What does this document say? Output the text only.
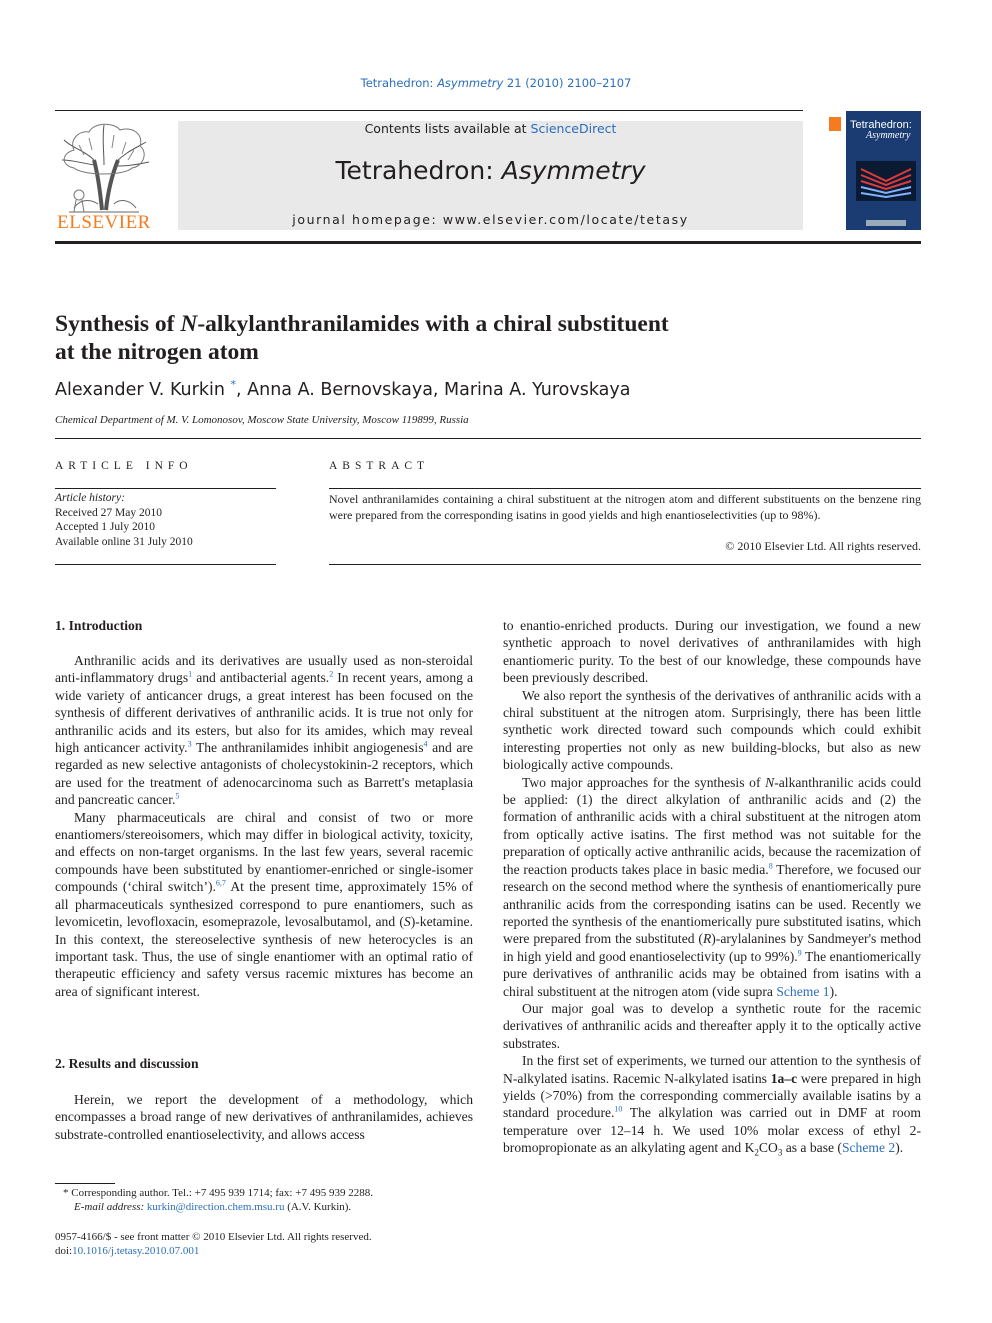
Tetrahedron: Asymmetry 21 (2010) 2100–2107
ELSEVIER
Contents lists available at ScienceDirect
Tetrahedron: Asymmetry
journal homepage: www.elsevier.com/locate/tetasy
Tetrahedron:
Asymmetry
Synthesis of N-alkylanthranilamides with a chiral substituent
at the nitrogen atom
Alexander V. Kurkin *, Anna A. Bernovskaya, Marina A. Yurovskaya
Chemical Department of M. V. Lomonosov, Moscow State University, Moscow 119899, Russia
ARTICLE INFO	ABSTRACT
Article history:
Received 27 May 2010
Accepted 1 July 2010
Available online 31 July 2010
Novel anthranilamides containing a chiral substituent at the nitrogen atom and different substituents on the benzene ring were prepared from the corresponding isatins in good yields and high enantioselectivities (up to 98%).
© 2010 Elsevier Ltd. All rights reserved.
1. Introduction

Anthranilic acids and its derivatives are usually used as non-steroidal anti-inflammatory drugs$^1$ and antibacterial agents.$^2$ In recent years, among a wide variety of anticancer drugs, a great interest has been focused on the synthesis of different derivatives of anthranilic acids. It is true not only for anthranilic acids and its esters, but also for its amides, which may reveal high anticancer activity.$^3$ The anthranilamides inhibit angiogenesis$^4$ and are regarded as new selective antagonists of cholecystokinin-2 receptors, which are used for the treatment of adenocarcinoma such as Barrett's metaplasia and pancreatic cancer.$^5$

Many pharmaceuticals are chiral and consist of two or more enantiomers/stereoisomers, which may differ in biological activity, toxicity, and effects on non-target organisms. In the last few years, several racemic compounds have been substituted by enantiomer-enriched or single-isomer compounds (‘chiral switch’).$^{6,7}$ At the present time, approximately 15% of all pharmaceuticals synthesized correspond to pure enantiomers, such as levomicetin, levofloxacin, esomeprazole, levosalbutamol, and (S)-ketamine. In this context, the stereoselective synthesis of new heterocycles is an important task. Thus, the use of single enantiomer with an optimal ratio of therapeutic efficiency and safety versus racemic mixtures has become an area of significant interest.

2. Results and discussion

Herein, we report the development of a methodology, which encompasses a broad range of new derivatives of anthranilamides, achieves substrate-controlled enantioselectivity, and allows access

to enantio-enriched products. During our investigation, we found a new synthetic approach to novel derivatives of anthranilamides with high enantiomeric purity. To the best of our knowledge, these compounds have been previously described.

We also report the synthesis of the derivatives of anthranilic acids with a chiral substituent at the nitrogen atom. Surprisingly, there has been little synthetic work directed toward such compounds which could exhibit interesting properties not only as new building-blocks, but also as new biologically active compounds.

Two major approaches for the synthesis of N-alkanthranilic acids could be applied: (1) the direct alkylation of anthranilic acids and (2) the formation of anthranilic acids with a chiral substituent at the nitrogen atom from optically active isatins. The first method was not suitable for the preparation of optically active anthranilic acids, because the racemization of the reaction products takes place in basic media.$^8$ Therefore, we focused our research on the second method where the synthesis of enantiomerically pure anthranilic acids from the corresponding isatins can be used. Recently we reported the synthesis of the enantiomerically pure substituted isatins, which were prepared from the substituted (R)-arylalanines by Sandmeyer's method in high yield and good enantioselectivity (up to 99%).$^9$ The enantiomerically pure derivatives of anthranilic acids may be obtained from isatins with a chiral substituent at the nitrogen atom (vide supra Scheme 1).

Our major goal was to develop a synthetic route for the racemic derivatives of anthranilic acids and thereafter apply it to the optically active substrates.

In the first set of experiments, we turned our attention to the synthesis of N-alkylated isatins. Racemic N-alkylated isatins 1a–c were prepared in high yields (>70%) from the corresponding commercially available isatins by a standard procedure.$^{10}$ The alkylation was carried out in DMF at room temperature over 12–14 h. We used 10% molar excess of ethyl 2-bromopropionate as an alkylating agent and $K_2CO_3$ as a base (Scheme 2).

* Corresponding author. Tel.: +7 495 939 1714; fax: +7 495 939 2288.
E-mail address: kurkin@direction.chem.msu.ru (A.V. Kurkin).
0957-4166/$ - see front matter © 2010 Elsevier Ltd. All rights reserved.
doi:10.1016/j.tetasy.2010.07.001
